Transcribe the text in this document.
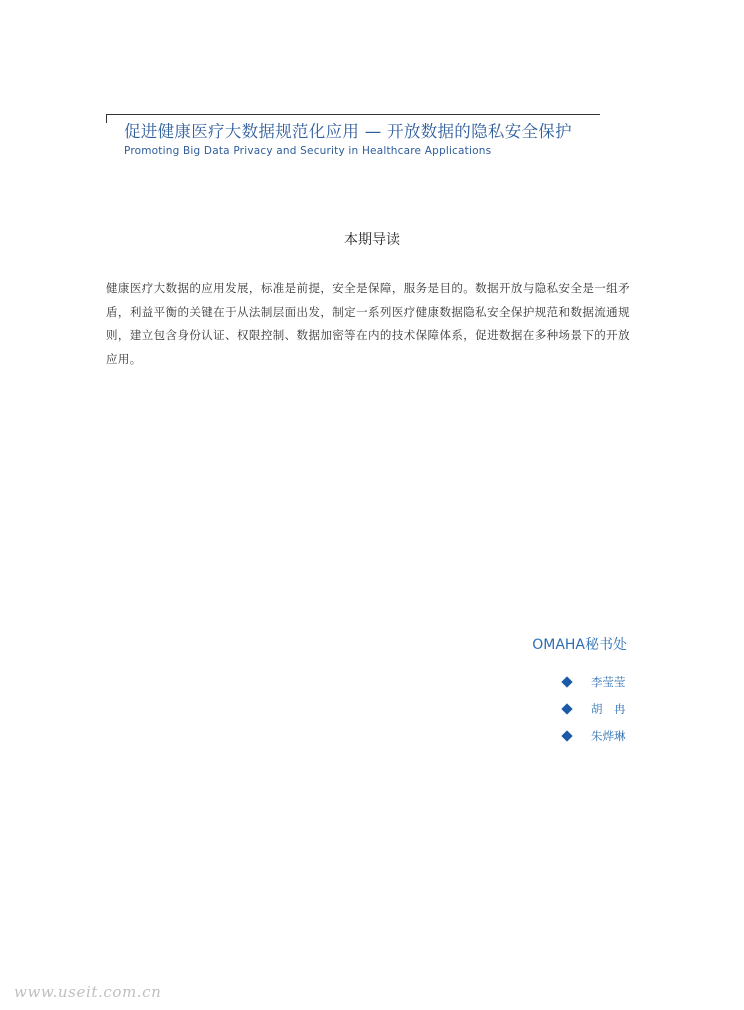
促进健康医疗大数据规范化应用 — 开放数据的隐私安全保护
Promoting Big Data Privacy and Security in Healthcare Applications
本期导读
健康医疗大数据的应用发展，标准是前提，安全是保障，服务是目的。数据开放与隐私安全是一组矛盾，利益平衡的关键在于从法制层面出发，制定一系列医疗健康数据隐私安全保护规范和数据流通规则，建立包含身份认证、权限控制、数据加密等在内的技术保障体系，促进数据在多种场景下的开放应用。
OMAHA秘书处
李莹莹
胡　冉
朱烨琳
www.useit.com.cn
